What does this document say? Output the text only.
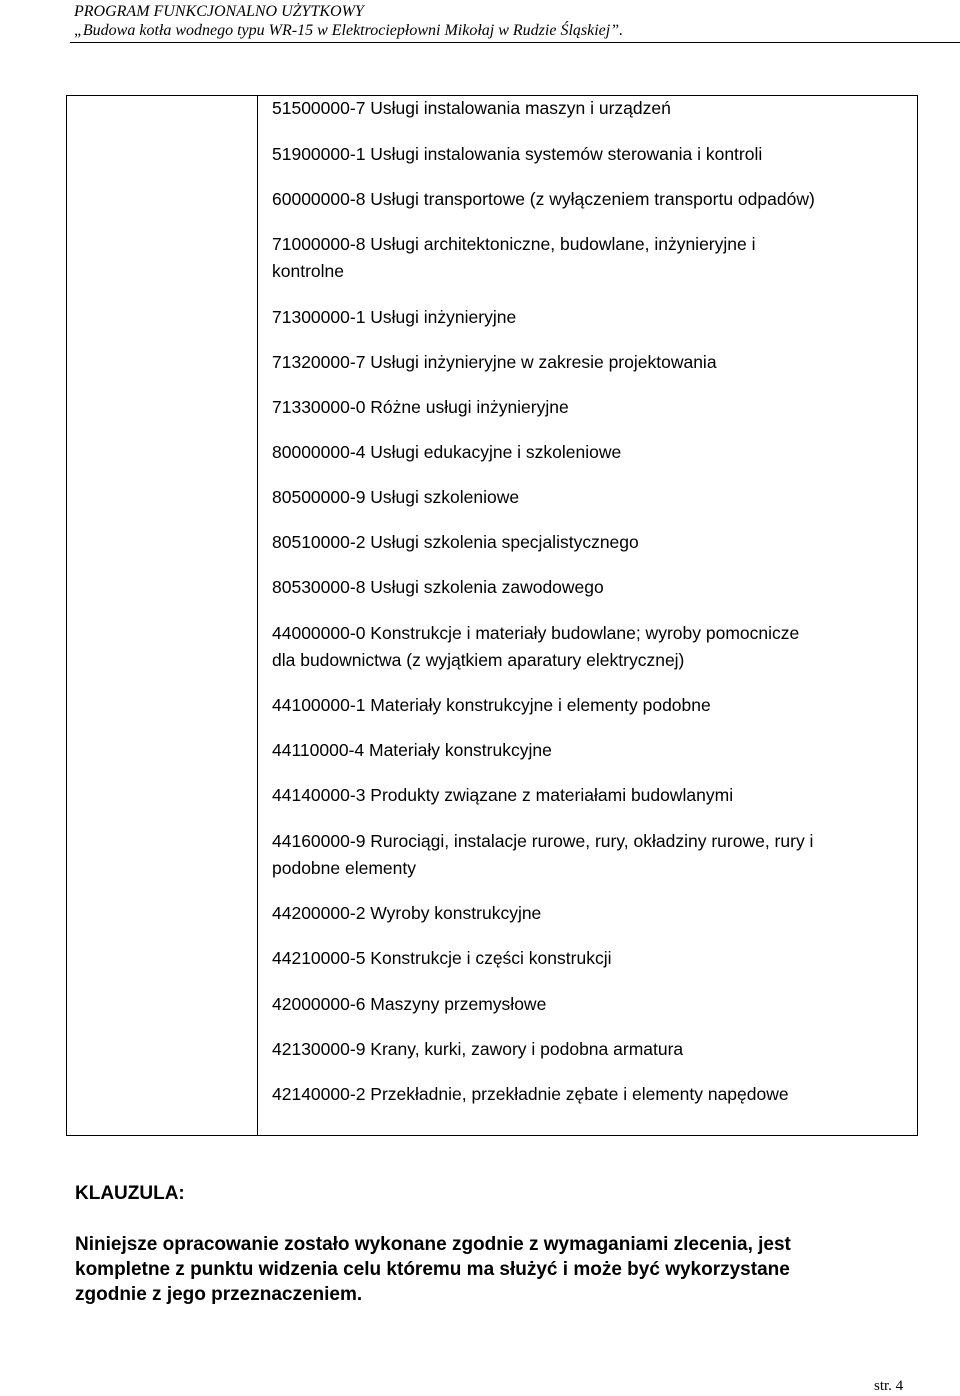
PROGRAM FUNKCJONALNO UŻYTKOWY
„Budowa kotła wodnego typu WR-15 w Elektrociepłowni Mikołaj w Rudzie Śląskiej”.

51500000-7 Usługi instalowania maszyn i urządzeń

51900000-1 Usługi instalowania systemów sterowania i kontroli

60000000-8 Usługi transportowe (z wyłączeniem transportu odpadów)

71000000-8 Usługi architektoniczne, budowlane, inżynieryjne i
kontrolne

71300000-1 Usługi inżynieryjne

71320000-7 Usługi inżynieryjne w zakresie projektowania

71330000-0 Różne usługi inżynieryjne

80000000-4 Usługi edukacyjne i szkoleniowe

80500000-9 Usługi szkoleniowe

80510000-2 Usługi szkolenia specjalistycznego

80530000-8 Usługi szkolenia zawodowego

44000000-0 Konstrukcje i materiały budowlane; wyroby pomocnicze
dla budownictwa (z wyjątkiem aparatury elektrycznej)

44100000-1 Materiały konstrukcyjne i elementy podobne

44110000-4 Materiały konstrukcyjne

44140000-3 Produkty związane z materiałami budowlanymi

44160000-9 Rurociągi, instalacje rurowe, rury, okładziny rurowe, rury i
podobne elementy

44200000-2 Wyroby konstrukcyjne

44210000-5 Konstrukcje i części konstrukcji

42000000-6 Maszyny przemysłowe

42130000-9 Krany, kurki, zawory i podobna armatura

42140000-2 Przekładnie, przekładnie zębate i elementy napędowe

KLAUZULA:

Niniejsze opracowanie zostało wykonane zgodnie z wymaganiami zlecenia, jest
kompletne z punktu widzenia celu któremu ma służyć i może być wykorzystane
zgodnie z jego przeznaczeniem.

str. 4
